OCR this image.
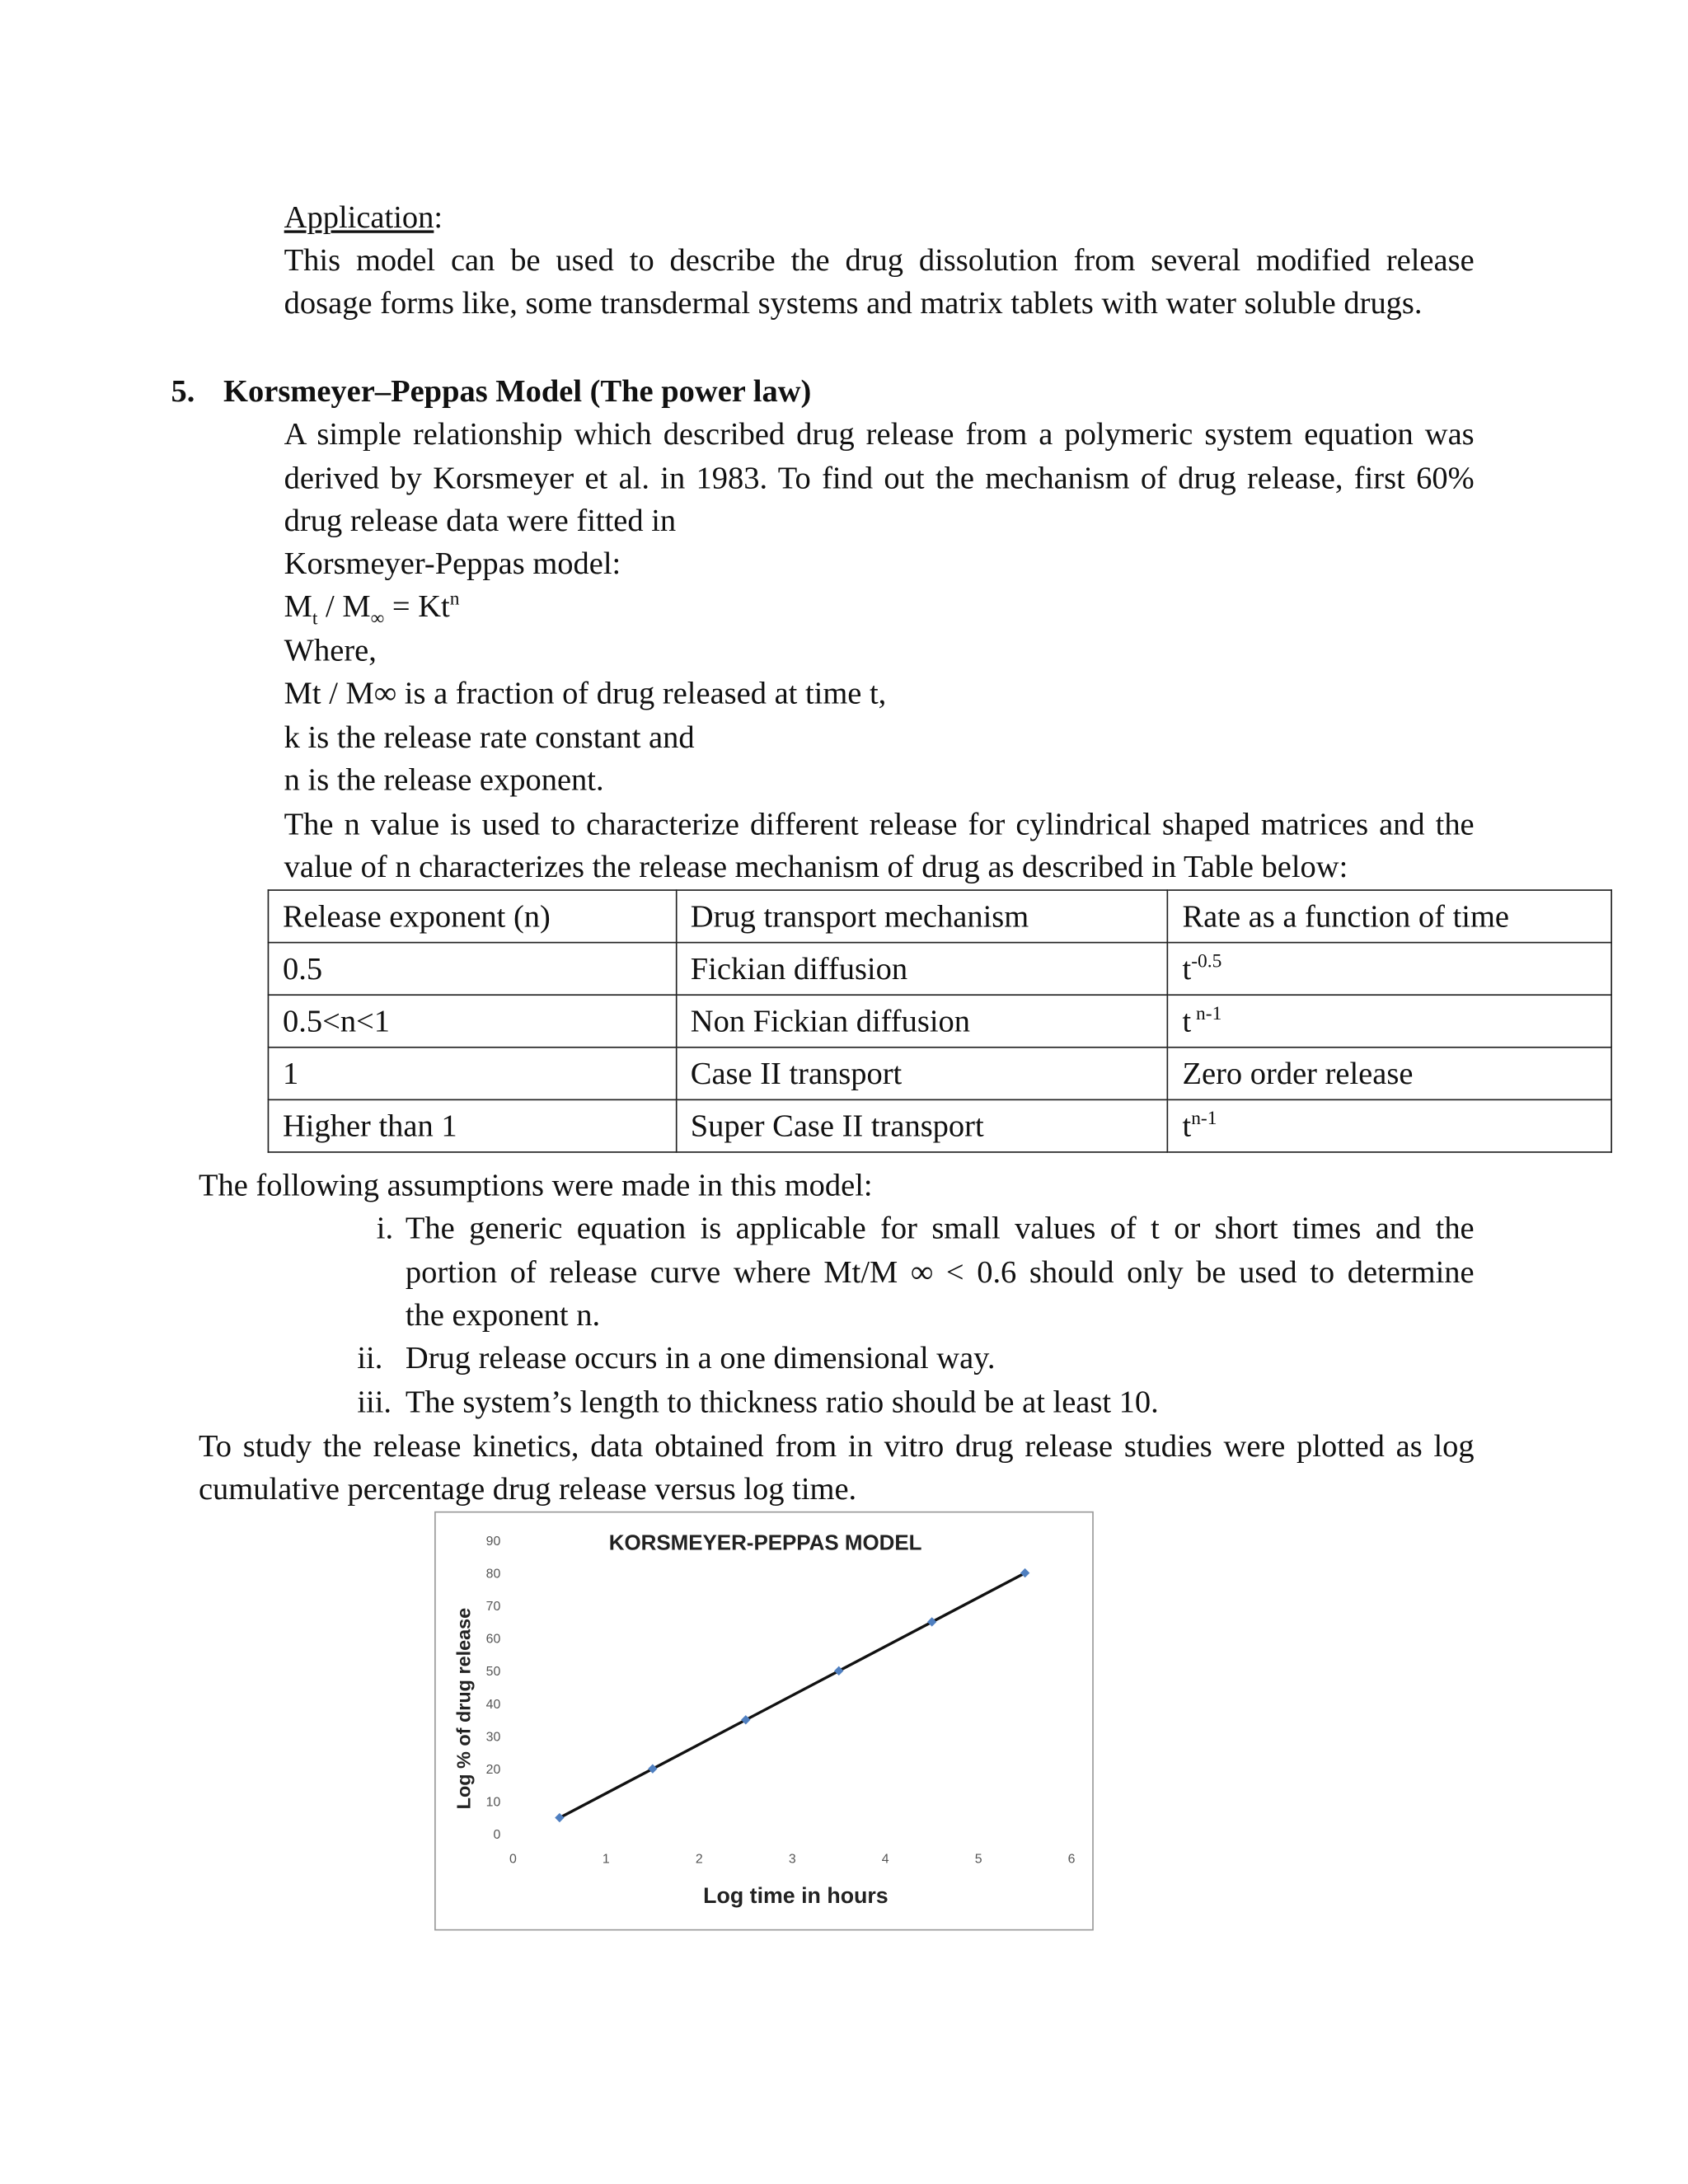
Application:
This model can be used to describe the drug dissolution from several modified release
dosage forms like, some transdermal systems and matrix tablets with water soluble drugs.
5. Korsmeyer–Peppas Model (The power law)
A simple relationship which described drug release from a polymeric system equation was
derived by Korsmeyer et al. in 1983. To find out the mechanism of drug release, first 60%
drug release data were fitted in
Korsmeyer-Peppas model:
$M_t / M_\infty = Kt^n$
Where,
Mt / M∞ is a fraction of drug released at time t,
k is the release rate constant and
n is the release exponent.
The n value is used to characterize different release for cylindrical shaped matrices and the
value of n characterizes the release mechanism of drug as described in Table below:
Release exponent (n)	Drug transport mechanism	Rate as a function of time
0.5	Fickian diffusion	$t^{-0.5}$
0.5<n<1	Non Fickian diffusion	t $^{n-1}$
1	Case II transport	Zero order release
Higher than 1	Super Case II transport	$t^{n-1}$
The following assumptions were made in this model:
i. The generic equation is applicable for small values of t or short times and the
portion of release curve where Mt/M ∞ < 0.6 should only be used to determine
the exponent n.
ii. Drug release occurs in a one dimensional way.
iii. The system’s length to thickness ratio should be at least 10.
To study the release kinetics, data obtained from in vitro drug release studies were plotted as log
cumulative percentage drug release versus log time.
KORSMEYER-PEPPAS MODEL
Log % of drug release
Log time in hours
0
10
20
30
40
50
60
70
80
90
0	1	2	3	4	5	6
